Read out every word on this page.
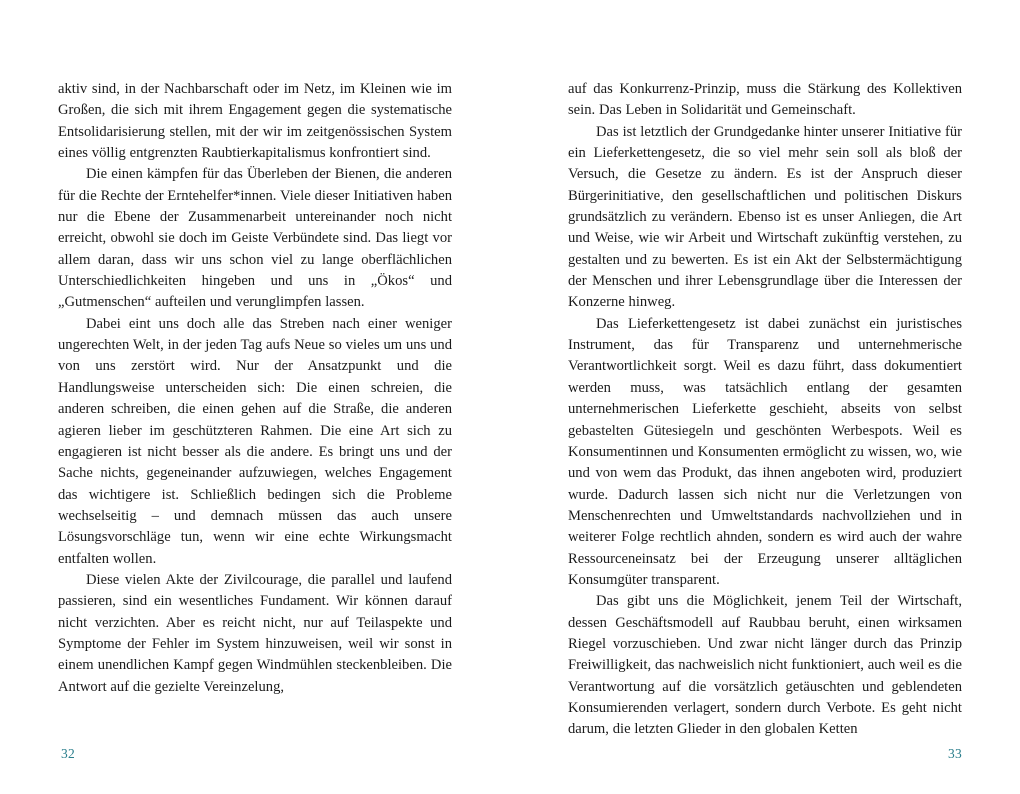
aktiv sind, in der Nachbarschaft oder im Netz, im Kleinen wie im Großen, die sich mit ihrem Engagement gegen die systematische Entsolidarisierung stellen, mit der wir im zeitgenössischen System eines völlig entgrenzten Raubtierkapitalismus konfrontiert sind.

Die einen kämpfen für das Überleben der Bienen, die anderen für die Rechte der Erntehelfer*innen. Viele dieser Initiativen haben nur die Ebene der Zusammenarbeit untereinander noch nicht erreicht, obwohl sie doch im Geiste Verbündete sind. Das liegt vor allem daran, dass wir uns schon viel zu lange oberflächlichen Unterschiedlichkeiten hingeben und uns in „Ökos“ und „Gutmenschen“ aufteilen und verunglimpfen lassen.

Dabei eint uns doch alle das Streben nach einer weniger ungerechten Welt, in der jeden Tag aufs Neue so vieles um uns und von uns zerstört wird. Nur der Ansatzpunkt und die Handlungsweise unterscheiden sich: Die einen schreien, die anderen schreiben, die einen gehen auf die Straße, die anderen agieren lieber im geschützteren Rahmen. Die eine Art sich zu engagieren ist nicht besser als die andere. Es bringt uns und der Sache nichts, gegeneinander aufzuwiegen, welches Engagement das wichtigere ist. Schließlich bedingen sich die Probleme wechselseitig – und demnach müssen das auch unsere Lösungsvorschläge tun, wenn wir eine echte Wirkungsmacht entfalten wollen.

Diese vielen Akte der Zivilcourage, die parallel und laufend passieren, sind ein wesentliches Fundament. Wir können darauf nicht verzichten. Aber es reicht nicht, nur auf Teilaspekte und Symptome der Fehler im System hinzuweisen, weil wir sonst in einem unendlichen Kampf gegen Windmühlen steckenbleiben. Die Antwort auf die gezielte Vereinzelung,

32

auf das Konkurrenz-Prinzip, muss die Stärkung des Kollektiven sein. Das Leben in Solidarität und Gemeinschaft.

Das ist letztlich der Grundgedanke hinter unserer Initiative für ein Lieferkettengesetz, die so viel mehr sein soll als bloß der Versuch, die Gesetze zu ändern. Es ist der Anspruch dieser Bürgerinitiative, den gesellschaftlichen und politischen Diskurs grundsätzlich zu verändern. Ebenso ist es unser Anliegen, die Art und Weise, wie wir Arbeit und Wirtschaft zukünftig verstehen, zu gestalten und zu bewerten. Es ist ein Akt der Selbstermächtigung der Menschen und ihrer Lebensgrundlage über die Interessen der Konzerne hinweg.

Das Lieferkettengesetz ist dabei zunächst ein juristisches Instrument, das für Transparenz und unternehmerische Verantwortlichkeit sorgt. Weil es dazu führt, dass dokumentiert werden muss, was tatsächlich entlang der gesamten unternehmerischen Lieferkette geschieht, abseits von selbst gebastelten Gütesiegeln und geschönten Werbespots. Weil es Konsumentinnen und Konsumenten ermöglicht zu wissen, wo, wie und von wem das Produkt, das ihnen angeboten wird, produziert wurde. Dadurch lassen sich nicht nur die Verletzungen von Menschenrechten und Umweltstandards nachvollziehen und in weiterer Folge rechtlich ahnden, sondern es wird auch der wahre Ressourceneinsatz bei der Erzeugung unserer alltäglichen Konsumgüter transparent.

Das gibt uns die Möglichkeit, jenem Teil der Wirtschaft, dessen Geschäftsmodell auf Raubbau beruht, einen wirksamen Riegel vorzuschieben. Und zwar nicht länger durch das Prinzip Freiwilligkeit, das nachweislich nicht funktioniert, auch weil es die Verantwortung auf die vorsätzlich getäuschten und geblendeten Konsumierenden verlagert, sondern durch Verbote. Es geht nicht darum, die letzten Glieder in den globalen Ketten

33
